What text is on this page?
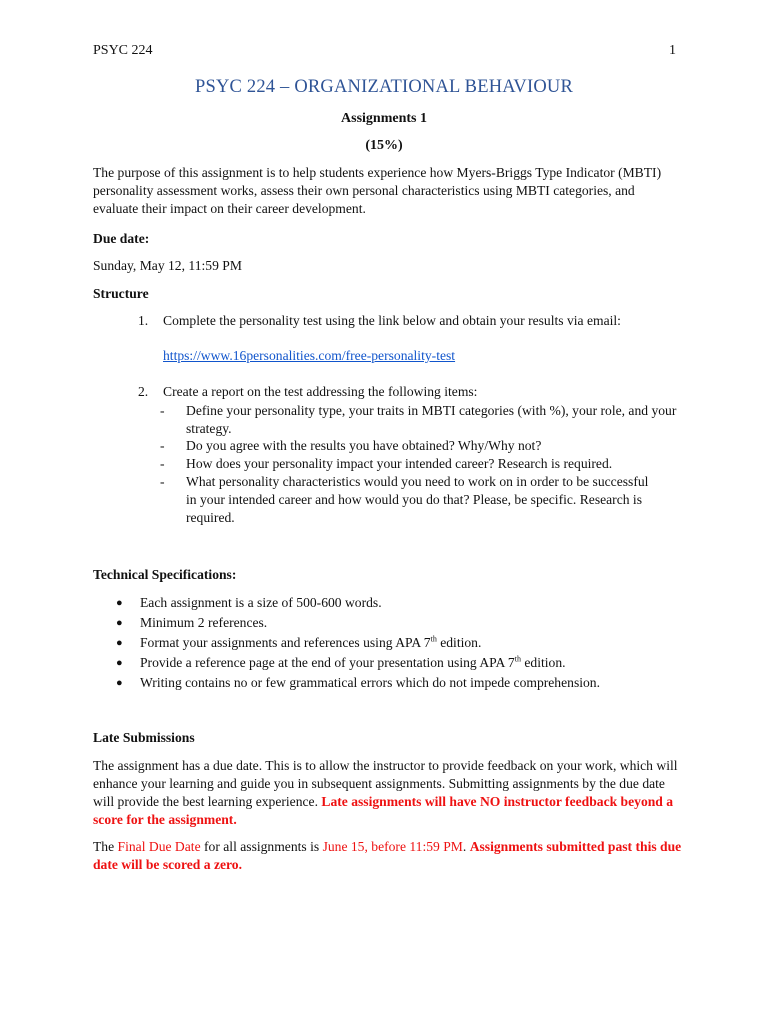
PSYC 224	1
PSYC 224 – ORGANIZATIONAL BEHAVIOUR
Assignments 1
(15%)

The purpose of this assignment is to help students experience how Myers-Briggs Type Indicator (MBTI) personality assessment works, assess their own personal characteristics using MBTI categories, and evaluate their impact on their career development.

Due date:
Sunday, May 12, 11:59 PM
Structure
1. Complete the personality test using the link below and obtain your results via email:
https://www.16personalities.com/free-personality-test
2. Create a report on the test addressing the following items:
- Define your personality type, your traits in MBTI categories (with %), your role, and your strategy.
- Do you agree with the results you have obtained? Why/Why not?
- How does your personality impact your intended career? Research is required.
- What personality characteristics would you need to work on in order to be successful in your intended career and how would you do that? Please, be specific. Research is required.
Technical Specifications:
● Each assignment is a size of 500-600 words.
● Minimum 2 references.
● Format your assignments and references using APA 7th edition.
● Provide a reference page at the end of your presentation using APA 7th edition.
● Writing contains no or few grammatical errors which do not impede comprehension.
Late Submissions

The assignment has a due date. This is to allow the instructor to provide feedback on your work, which will enhance your learning and guide you in subsequent assignments. Submitting assignments by the due date will provide the best learning experience. Late assignments will have NO instructor feedback beyond a score for the assignment.

The Final Due Date for all assignments is June 15, before 11:59 PM. Assignments submitted past this due date will be scored a zero.
